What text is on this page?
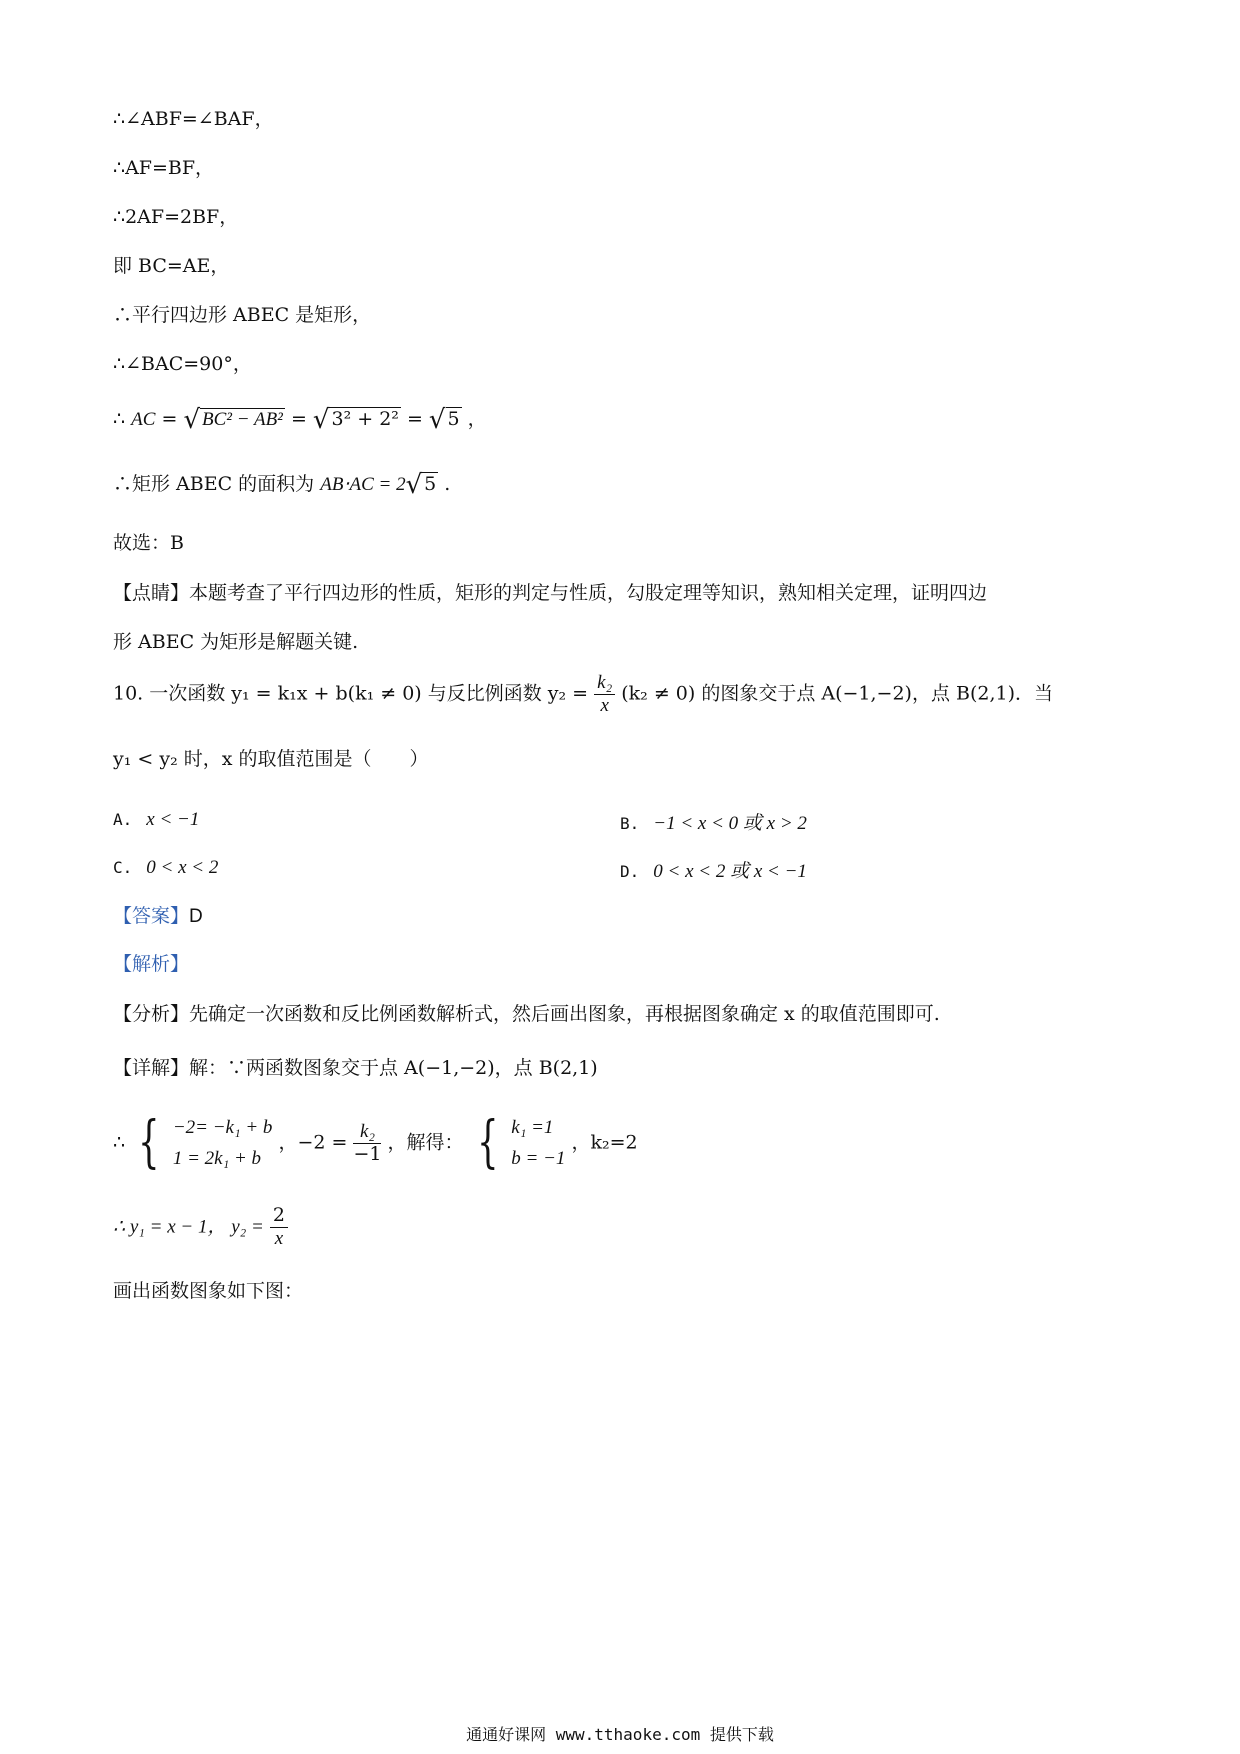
∴∠ABF=∠BAF，
∴AF=BF，
∴2AF=2BF，
即 BC=AE，
∴平行四边形 ABEC 是矩形，
∴∠BAC=90°，
∴ AC = √ BC² − AB² = √ 3² + 2² = √ 5 ，
∴矩形 ABEC 的面积为 AB⋅AC = 2√ 5 .
故选：B
【点睛】本题考查了平行四边形的性质，矩形的判定与性质，勾股定理等知识，熟知相关定理，证明四边
形 ABEC 为矩形是解题关键.
10. 一次函数 y₁ = k₁x + b(k₁ ≠ 0) 与反比例函数 $y_2 = \frac{\text{k₂}}{x} (k_2 \ne 0)$ 的图象交于点 A(−1,−2)，点 B(2,1)．当
y₁ < y₂ 时，x 的取值范围是（　　）
A. x < −1	B. −1 < x < 0 或 x > 2
C. 0 < x < 2	D. 0 < x < 2 或 x < −1
【答案】D
【解析】
【分析】先确定一次函数和反比例函数解析式，然后画出图象，再根据图象确定 x 的取值范围即可.
【详解】解：∵两函数图象交于点 A(−1,−2)，点 B(2,1)
∴ { −2= −k₁ + b
1 = 2k₁ + b
，$-2 = \frac{\text{k₂}}{-1}$ ，解得： { k₁ =1
b = −1
，k₂=2
∴ y₁ = x − 1， $y_2 = \frac{2}{x}$
画出函数图象如下图：
通通好课网 www.tthaoke.com 提供下载
